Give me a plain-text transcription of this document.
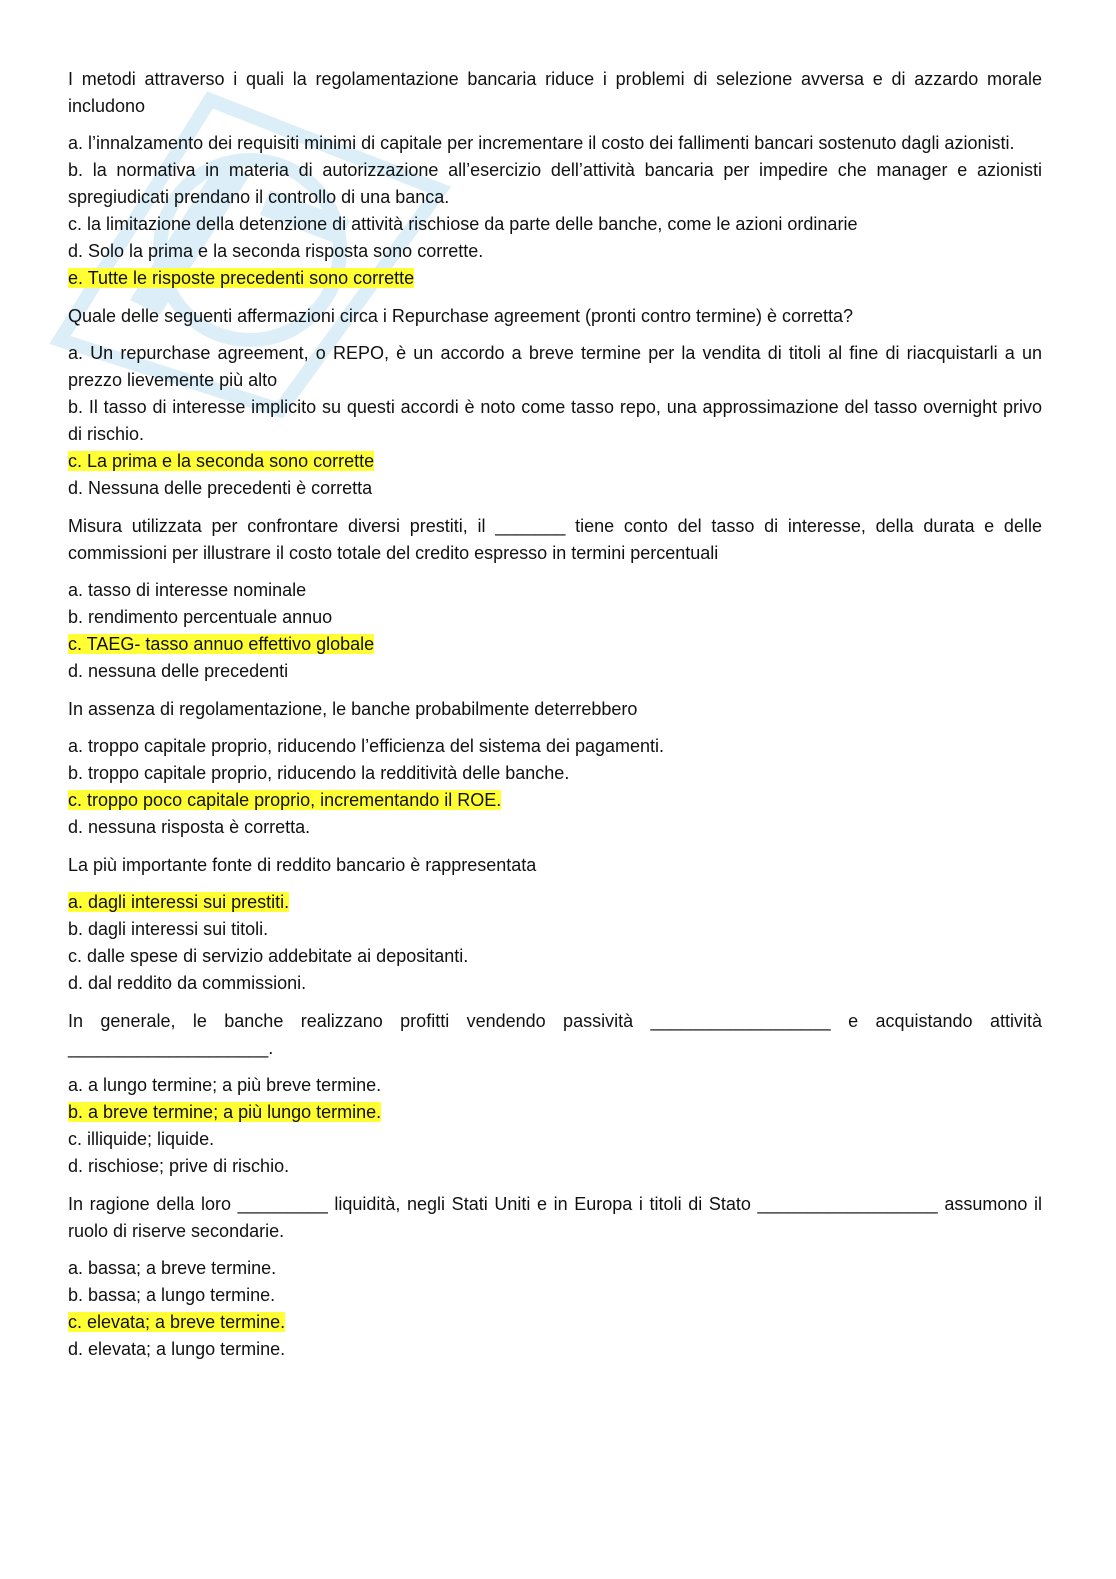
I metodi attraverso i quali la regolamentazione bancaria riduce i problemi di selezione avversa e di azzardo morale includono

a. l’innalzamento dei requisiti minimi di capitale per incrementare il costo dei fallimenti bancari sostenuto dagli azionisti.
b. la normativa in materia di autorizzazione all’esercizio dell’attività bancaria per impedire che manager e azionisti spregiudicati prendano il controllo di una banca.
c. la limitazione della detenzione di attività rischiose da parte delle banche, come le azioni ordinarie
d. Solo la prima e la seconda risposta sono corrette.
e. Tutte le risposte precedenti sono corrette

Quale delle seguenti affermazioni circa i Repurchase agreement (pronti contro termine) è corretta?

a. Un repurchase agreement, o REPO, è un accordo a breve termine per la vendita di titoli al fine di riacquistarli a un prezzo lievemente più alto
b. Il tasso di interesse implicito su questi accordi è noto come tasso repo, una approssimazione del tasso overnight privo di rischio.
c. La prima e la seconda sono corrette
d. Nessuna delle precedenti è corretta

Misura utilizzata per confrontare diversi prestiti, il _______ tiene conto del tasso di interesse, della durata e delle commissioni per illustrare il costo totale del credito espresso in termini percentuali

a. tasso di interesse nominale
b. rendimento percentuale annuo
c. TAEG- tasso annuo effettivo globale
d. nessuna delle precedenti

In assenza di regolamentazione, le banche probabilmente deterrebbero

a. troppo capitale proprio, riducendo l’efficienza del sistema dei pagamenti.
b. troppo capitale proprio, riducendo la redditività delle banche.
c. troppo poco capitale proprio, incrementando il ROE.
d. nessuna risposta è corretta.

La più importante fonte di reddito bancario è rappresentata

a. dagli interessi sui prestiti.
b. dagli interessi sui titoli.
c. dalle spese di servizio addebitate ai depositanti.
d. dal reddito da commissioni.

In generale, le banche realizzano profitti vendendo passività __________________ e acquistando attività ____________________.

a. a lungo termine; a più breve termine.
b. a breve termine; a più lungo termine.
c. illiquide; liquide.
d. rischiose; prive di rischio.

In ragione della loro _________ liquidità, negli Stati Uniti e in Europa i titoli di Stato __________________ assumono il ruolo di riserve secondarie.

a. bassa; a breve termine.
b. bassa; a lungo termine.
c. elevata; a breve termine.
d. elevata; a lungo termine.
